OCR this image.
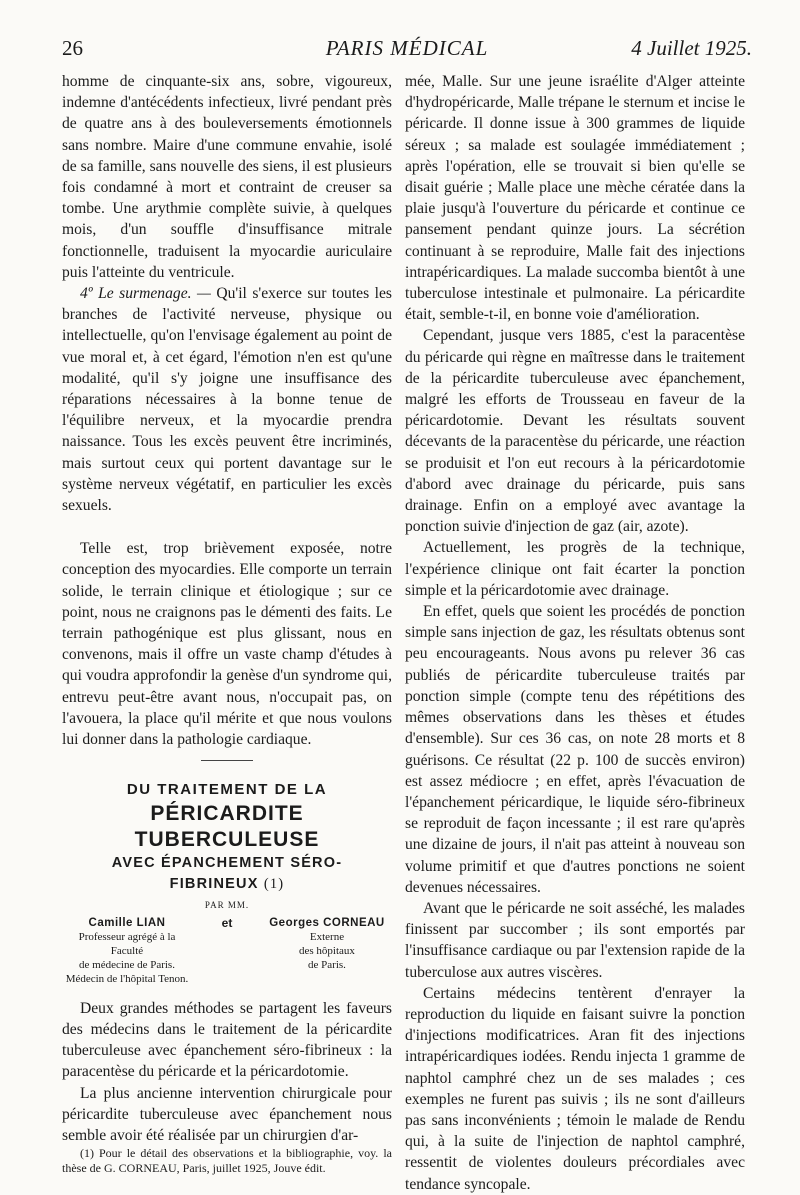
26	PARIS MÉDICAL	4 Juillet 1925.

homme de cinquante-six ans, sobre, vigoureux, indemne d'antécédents infectieux, livré pendant près de quatre ans à des bouleversements émotionnels sans nombre. Maire d'une commune envahie, isolé de sa famille, sans nouvelle des siens, il est plusieurs fois condamné à mort et contraint de creuser sa tombe. Une arythmie complète suivie, à quelques mois, d'un souffle d'insuffisance mitrale fonctionnelle, traduisent la myocardie auriculaire puis l'atteinte du ventricule.

4º Le surmenage. — Qu'il s'exerce sur toutes les branches de l'activité nerveuse, physique ou intellectuelle, qu'on l'envisage également au point de vue moral et, à cet égard, l'émotion n'en est qu'une modalité, qu'il s'y joigne une insuffisance des réparations nécessaires à la bonne tenue de l'équilibre nerveux, et la myocardie prendra naissance. Tous les excès peuvent être incriminés, mais surtout ceux qui portent davantage sur le système nerveux végétatif, en particulier les excès sexuels.

Telle est, trop brièvement exposée, notre conception des myocardies. Elle comporte un terrain solide, le terrain clinique et étiologique ; sur ce point, nous ne craignons pas le démenti des faits. Le terrain pathogénique est plus glissant, nous en convenons, mais il offre un vaste champ d'études à qui voudra approfondir la genèse d'un syndrome qui, entrevu peut-être avant nous, n'occupait pas, on l'avouera, la place qu'il mérite et que nous voulons lui donner dans la pathologie cardiaque.

DU TRAITEMENT DE LA

PÉRICARDITE

TUBERCULEUSE

AVEC ÉPANCHEMENT SÉRO-

FIBRINEUX (1)

PAR MM.

Camille LIAN
Professeur agrégé à la Faculté
de médecine de Paris.
Médecin de l'hôpital Tenon.
et	Georges CORNEAU
Externe
des hôpitaux
de Paris.

Deux grandes méthodes se partagent les faveurs des médecins dans le traitement de la péricardite tuberculeuse avec épanchement séro-fibrineux : la paracentèse du péricarde et la péricardotomie.

La plus ancienne intervention chirurgicale pour péricardite tuberculeuse avec épanchement nous semble avoir été réalisée par un chirurgien d'ar-

(1) Pour le détail des observations et la bibliographie, voy. la thèse de G. CORNEAU, Paris, juillet 1925, Jouve édit.

mée, Malle. Sur une jeune israélite d'Alger atteinte d'hydropéricarde, Malle trépane le sternum et incise le péricarde. Il donne issue à 300 grammes de liquide séreux ; sa malade est soulagée immédiatement ; après l'opération, elle se trouvait si bien qu'elle se disait guérie ; Malle place une mèche cératée dans la plaie jusqu'à l'ouverture du péricarde et continue ce pansement pendant quinze jours. La sécrétion continuant à se reproduire, Malle fait des injections intrapéricardiques. La malade succomba bientôt à une tuberculose intestinale et pulmonaire. La péricardite était, semble-t-il, en bonne voie d'amélioration.

Cependant, jusque vers 1885, c'est la paracentèse du péricarde qui règne en maîtresse dans le traitement de la péricardite tuberculeuse avec épanchement, malgré les efforts de Trousseau en faveur de la péricardotomie. Devant les résultats souvent décevants de la paracentèse du péricarde, une réaction se produisit et l'on eut recours à la péricardotomie d'abord avec drainage du péricarde, puis sans drainage. Enfin on a employé avec avantage la ponction suivie d'injection de gaz (air, azote).

Actuellement, les progrès de la technique, l'expérience clinique ont fait écarter la ponction simple et la péricardotomie avec drainage.

En effet, quels que soient les procédés de ponction simple sans injection de gaz, les résultats obtenus sont peu encourageants. Nous avons pu relever 36 cas publiés de péricardite tuberculeuse traités par ponction simple (compte tenu des répétitions des mêmes observations dans les thèses et études d'ensemble). Sur ces 36 cas, on note 28 morts et 8 guérisons. Ce résultat (22 p. 100 de succès environ) est assez médiocre ; en effet, après l'évacuation de l'épanchement péricardique, le liquide séro-fibrineux se reproduit de façon incessante ; il est rare qu'après une dizaine de jours, il n'ait pas atteint à nouveau son volume primitif et que d'autres ponctions ne soient devenues nécessaires.

Avant que le péricarde ne soit asséché, les malades finissent par succomber ; ils sont emportés par l'insuffisance cardiaque ou par l'extension rapide de la tuberculose aux autres viscères.

Certains médecins tentèrent d'enrayer la reproduction du liquide en faisant suivre la ponction d'injections modificatrices. Aran fit des injections intrapéricardiques iodées. Rendu injecta 1 gramme de naphtol camphré chez un de ses malades ; ces exemples ne furent pas suivis ; ils ne sont d'ailleurs pas sans inconvénients ; témoin le malade de Rendu qui, à la suite de l'injection de naphtol camphré, ressentit de violentes douleurs précordiales avec tendance syncopale.
